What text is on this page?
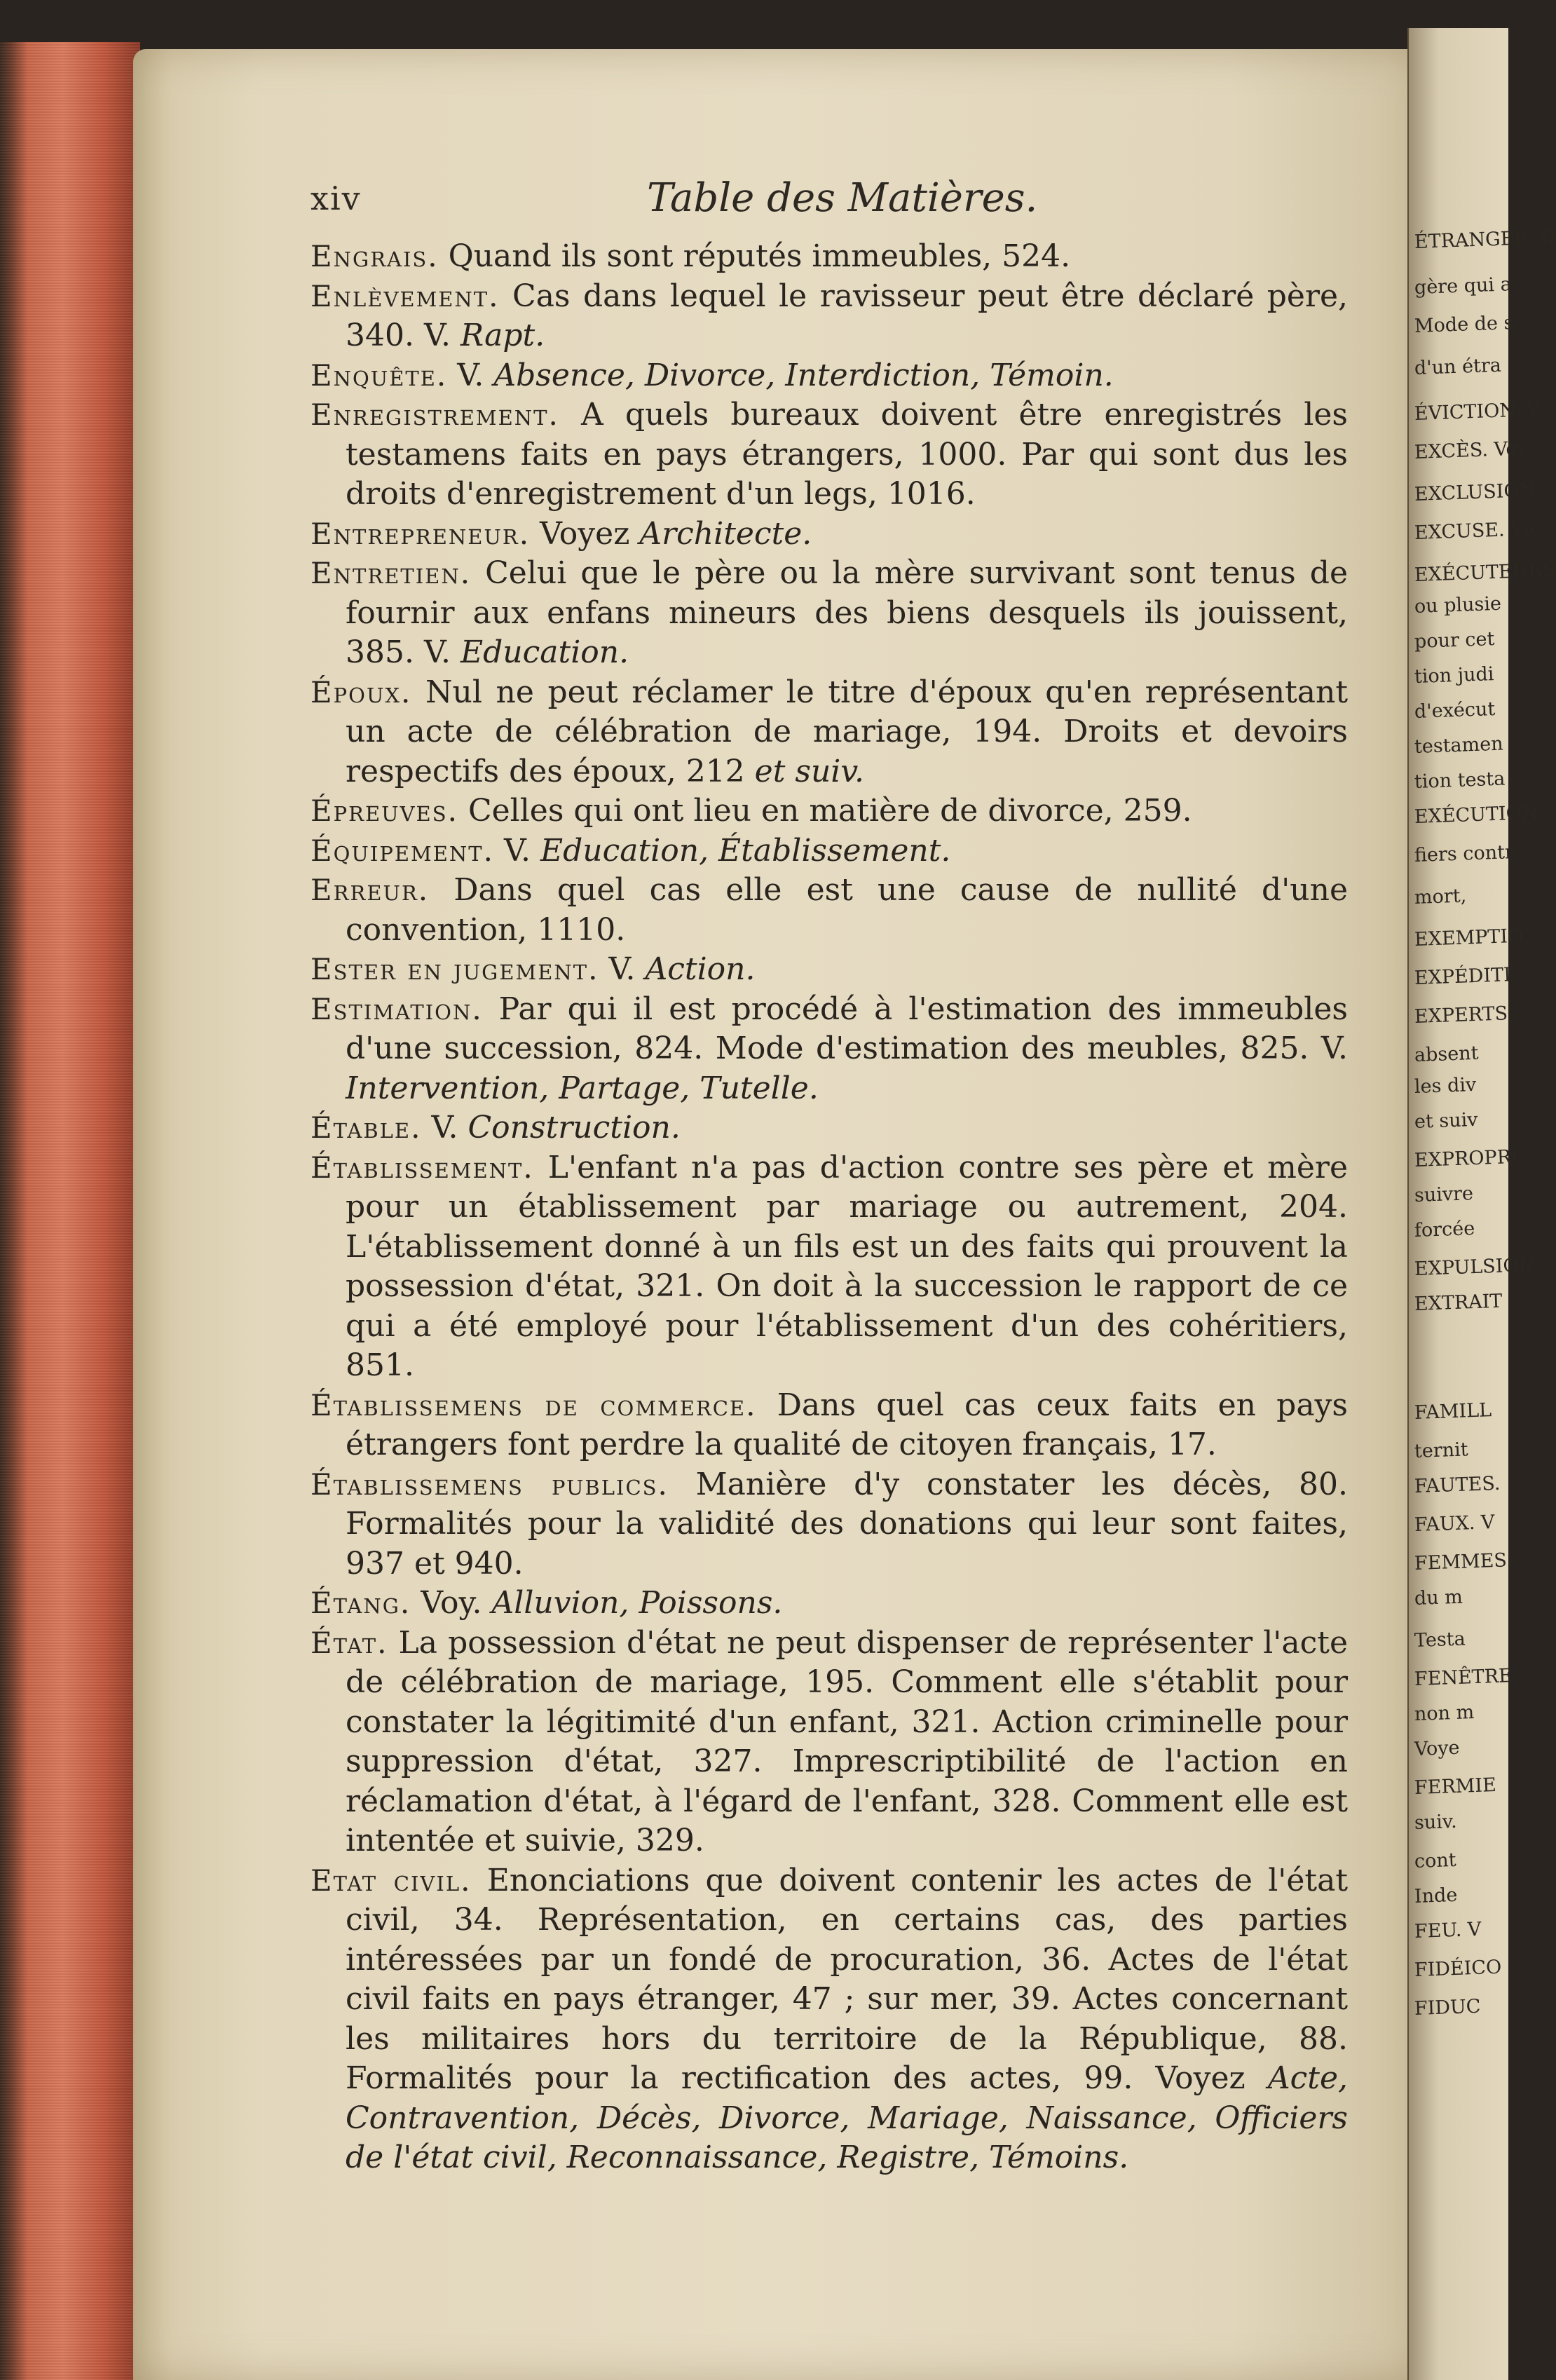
ÉTRANGER. D
gère qui a
Mode de s
d'un étra
ÉVICTION. V
EXCÈS. Voy
EXCLUSION.
EXCUSE. Vo
EXÉCUTEURS
ou plusie
pour cet
tion judi
d'exécut
testamen
tion testa
EXÉCUTION
fiers contr
mort,
EXEMPTIO
EXPÉDITI
EXPERTS.
absent
les div
et suiv
EXPROPRI
suivre
forcée
EXPULSION
EXTRAIT
FAMILL
ternit
FAUTES.
FAUX. V
FEMMES.
du m
Testa
FENÊTRE
non m
Voye
FERMIE
suiv.
cont
Inde
FEU. V
FIDÉICO
FIDUC
xiv	Table des Matières.
Engrais. Quand ils sont réputés immeubles, 524.
Enlèvement. Cas dans lequel le ravisseur peut être déclaré père, 340. V. Rapt.
Enquête. V. Absence, Divorce, Interdiction, Témoin.
Enregistrement. A quels bureaux doivent être enregistrés les testamens faits en pays étrangers, 1000. Par qui sont dus les droits d'enregistrement d'un legs, 1016.
Entrepreneur. Voyez Architecte.
Entretien. Celui que le père ou la mère survivant sont tenus de fournir aux enfans mineurs des biens desquels ils jouissent, 385. V. Education.
Époux. Nul ne peut réclamer le titre d'époux qu'en représentant un acte de célébration de mariage, 194. Droits et devoirs respectifs des époux, 212 et suiv.
Épreuves. Celles qui ont lieu en matière de divorce, 259.
Équipement. V. Education, Établissement.
Erreur. Dans quel cas elle est une cause de nullité d'une convention, 1110.
Ester en jugement. V. Action.
Estimation. Par qui il est procédé à l'estimation des immeubles d'une succession, 824. Mode d'estimation des meubles, 825. V. Intervention, Partage, Tutelle.
Étable. V. Construction.
Établissement. L'enfant n'a pas d'action contre ses père et mère pour un établissement par mariage ou autrement, 204. L'établissement donné à un fils est un des faits qui prouvent la possession d'état, 321. On doit à la succession le rapport de ce qui a été employé pour l'établissement d'un des cohéritiers, 851.
Établissemens de commerce. Dans quel cas ceux faits en pays étrangers font perdre la qualité de citoyen français, 17.
Établissemens publics. Manière d'y constater les décès, 80. Formalités pour la validité des donations qui leur sont faites, 937 et 940.
Étang. Voy. Alluvion, Poissons.
État. La possession d'état ne peut dispenser de représenter l'acte de célébration de mariage, 195. Comment elle s'établit pour constater la légitimité d'un enfant, 321. Action criminelle pour suppression d'état, 327. Imprescriptibilité de l'action en réclamation d'état, à l'égard de l'enfant, 328. Comment elle est intentée et suivie, 329.
Etat civil. Enonciations que doivent contenir les actes de l'état civil, 34. Représentation, en certains cas, des parties intéressées par un fondé de procuration, 36. Actes de l'état civil faits en pays étranger, 47 ; sur mer, 39. Actes concernant les militaires hors du territoire de la République, 88. Formalités pour la rectification des actes, 99. Voyez Acte, Contravention, Décès, Divorce, Mariage, Naissance, Officiers de l'état civil, Reconnaissance, Registre, Témoins.
